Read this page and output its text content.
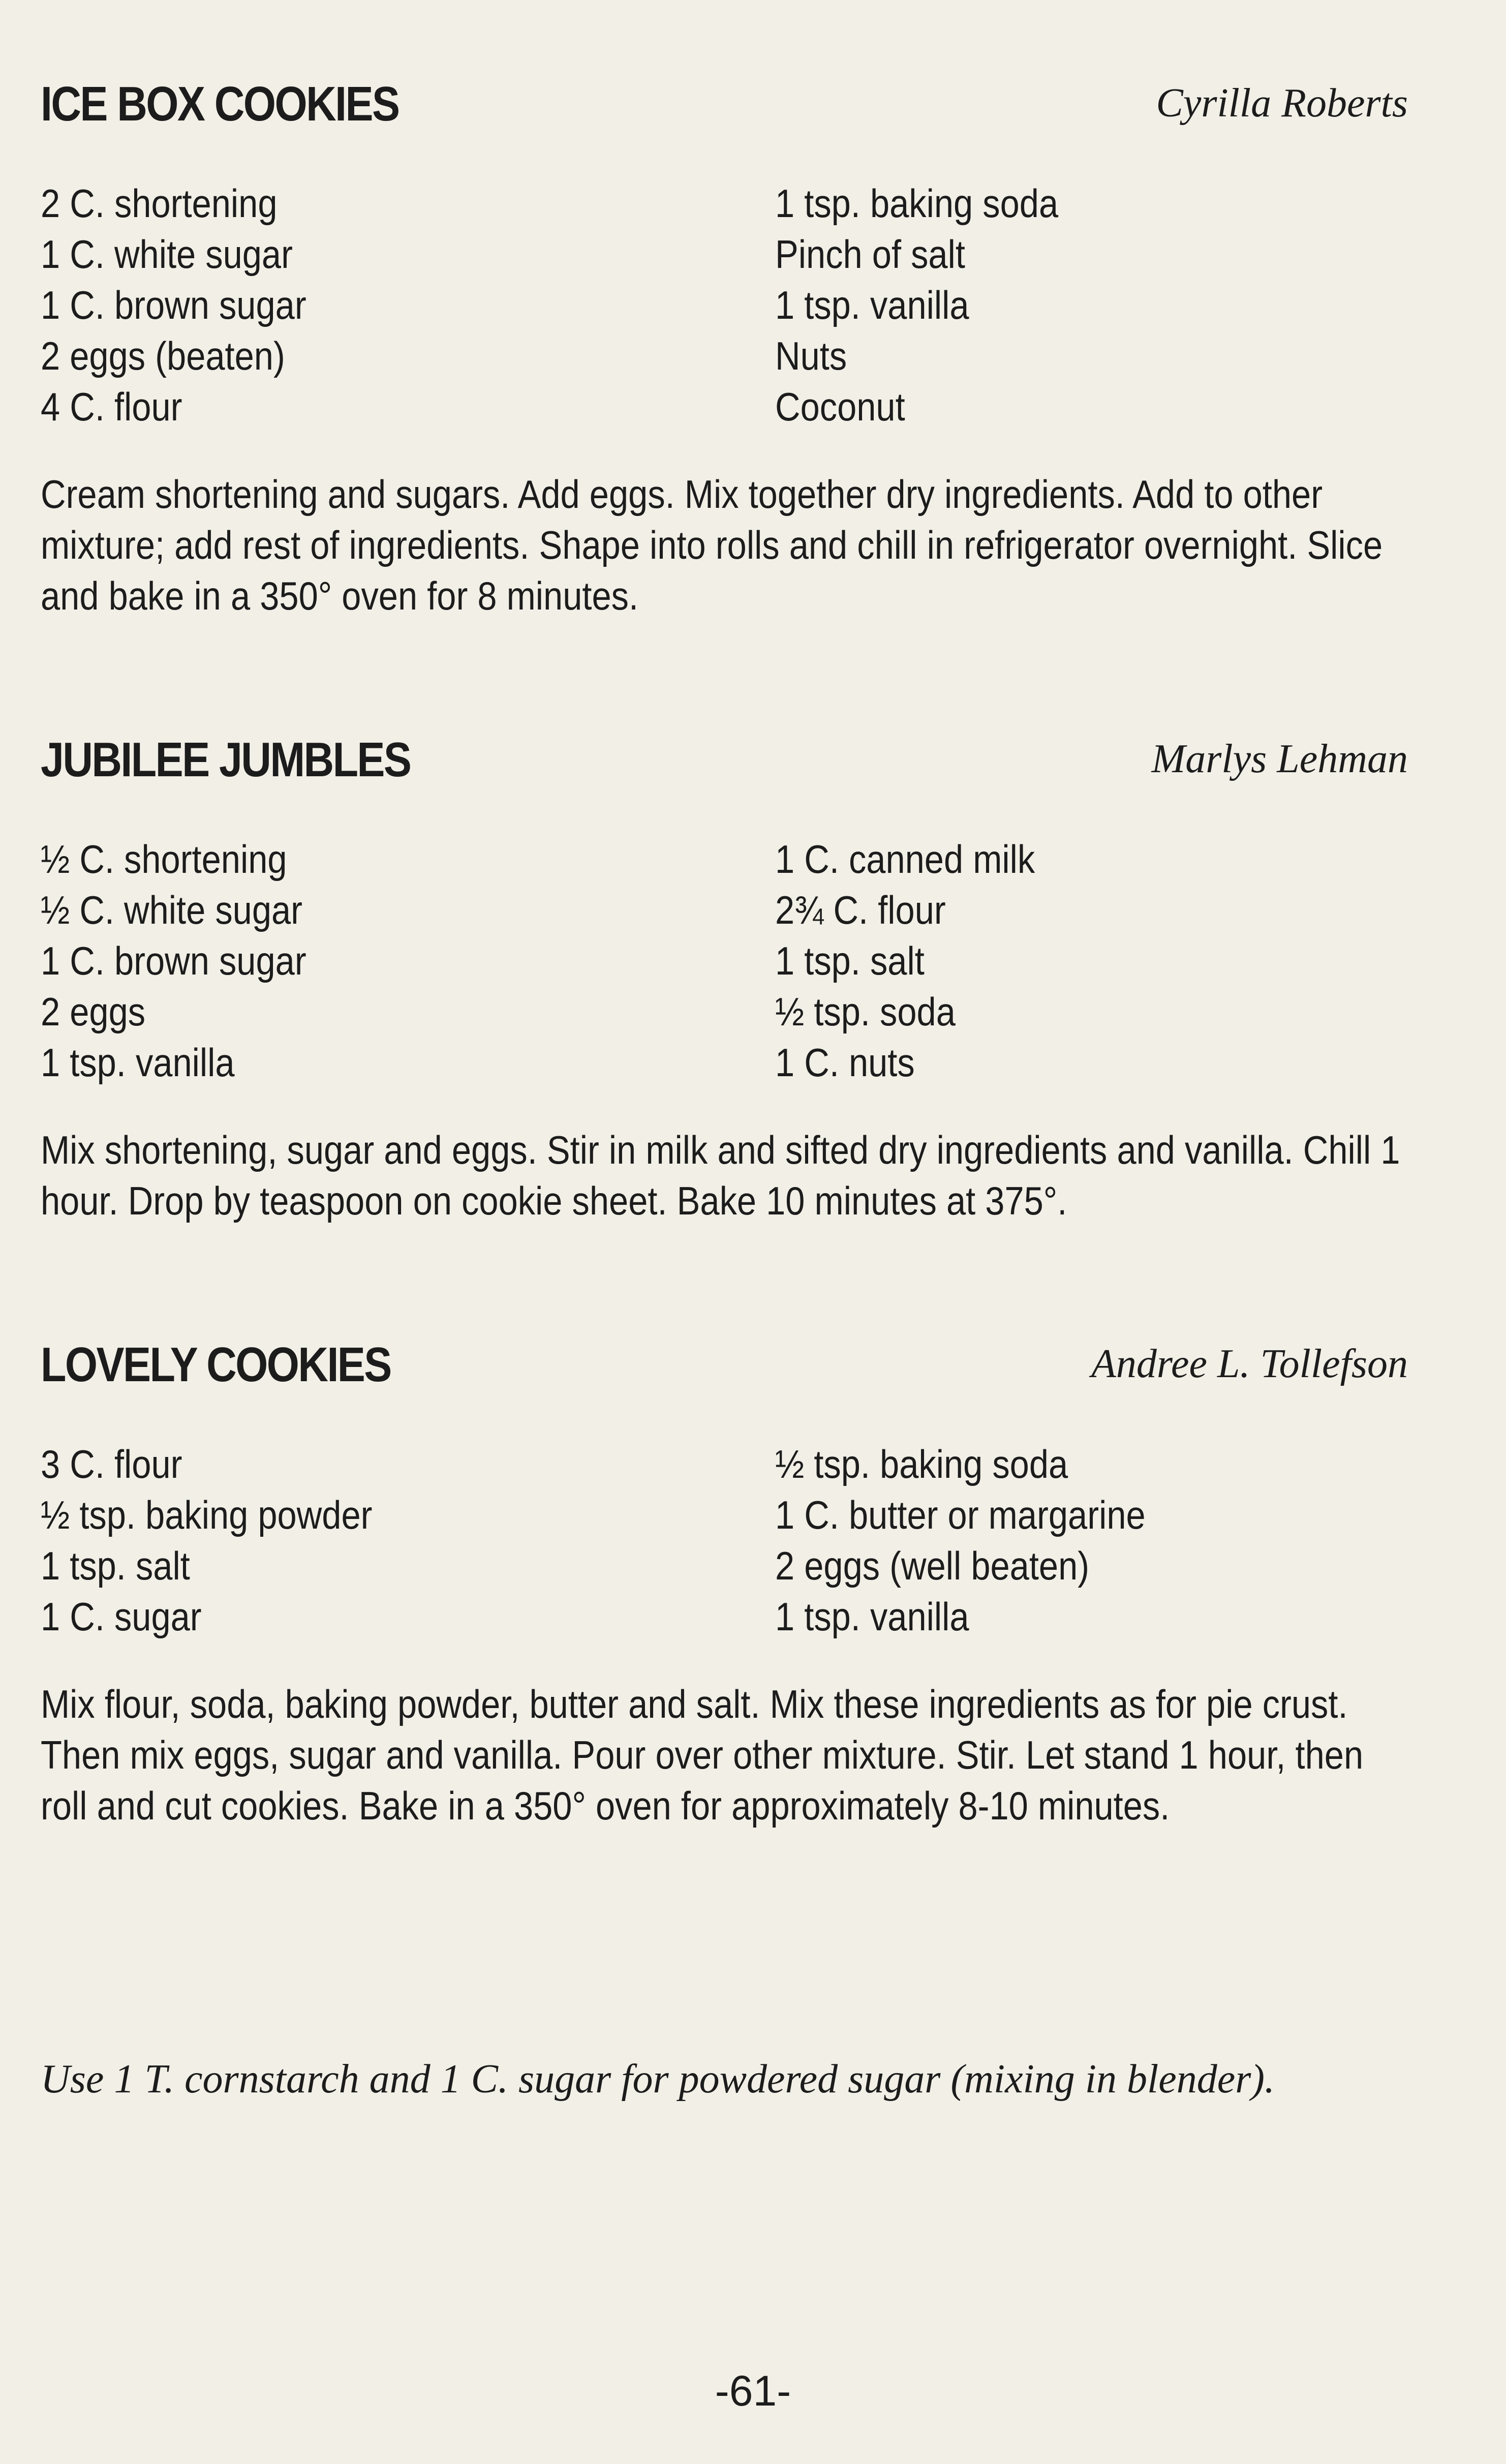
ICE BOX COOKIES	Cyrilla Roberts
2 C. shortening
1 C. white sugar
1 C. brown sugar
2 eggs (beaten)
4 C. flour
1 tsp. baking soda
Pinch of salt
1 tsp. vanilla
Nuts
Coconut

Cream shortening and sugars. Add eggs. Mix together dry ingredients. Add to other mixture; add rest of ingredients. Shape into rolls and chill in refrigerator overnight. Slice and bake in a 350° oven for 8 minutes.

JUBILEE JUMBLES	Marlys Lehman
½ C. shortening
½ C. white sugar
1 C. brown sugar
2 eggs
1 tsp. vanilla
1 C. canned milk
2¾ C. flour
1 tsp. salt
½ tsp. soda
1 C. nuts

Mix shortening, sugar and eggs. Stir in milk and sifted dry ingredients and vanilla. Chill 1 hour. Drop by teaspoon on cookie sheet. Bake 10 minutes at 375°.

LOVELY COOKIES	Andree L. Tollefson
3 C. flour
½ tsp. baking powder
1 tsp. salt
1 C. sugar
½ tsp. baking soda
1 C. butter or margarine
2 eggs (well beaten)
1 tsp. vanilla

Mix flour, soda, baking powder, butter and salt. Mix these ingredients as for pie crust. Then mix eggs, sugar and vanilla. Pour over other mixture. Stir. Let stand 1 hour, then roll and cut cookies. Bake in a 350° oven for approximately 8-10 minutes.

Use 1 T. cornstarch and 1 C. sugar for powdered sugar (mixing in blender).
-61-
